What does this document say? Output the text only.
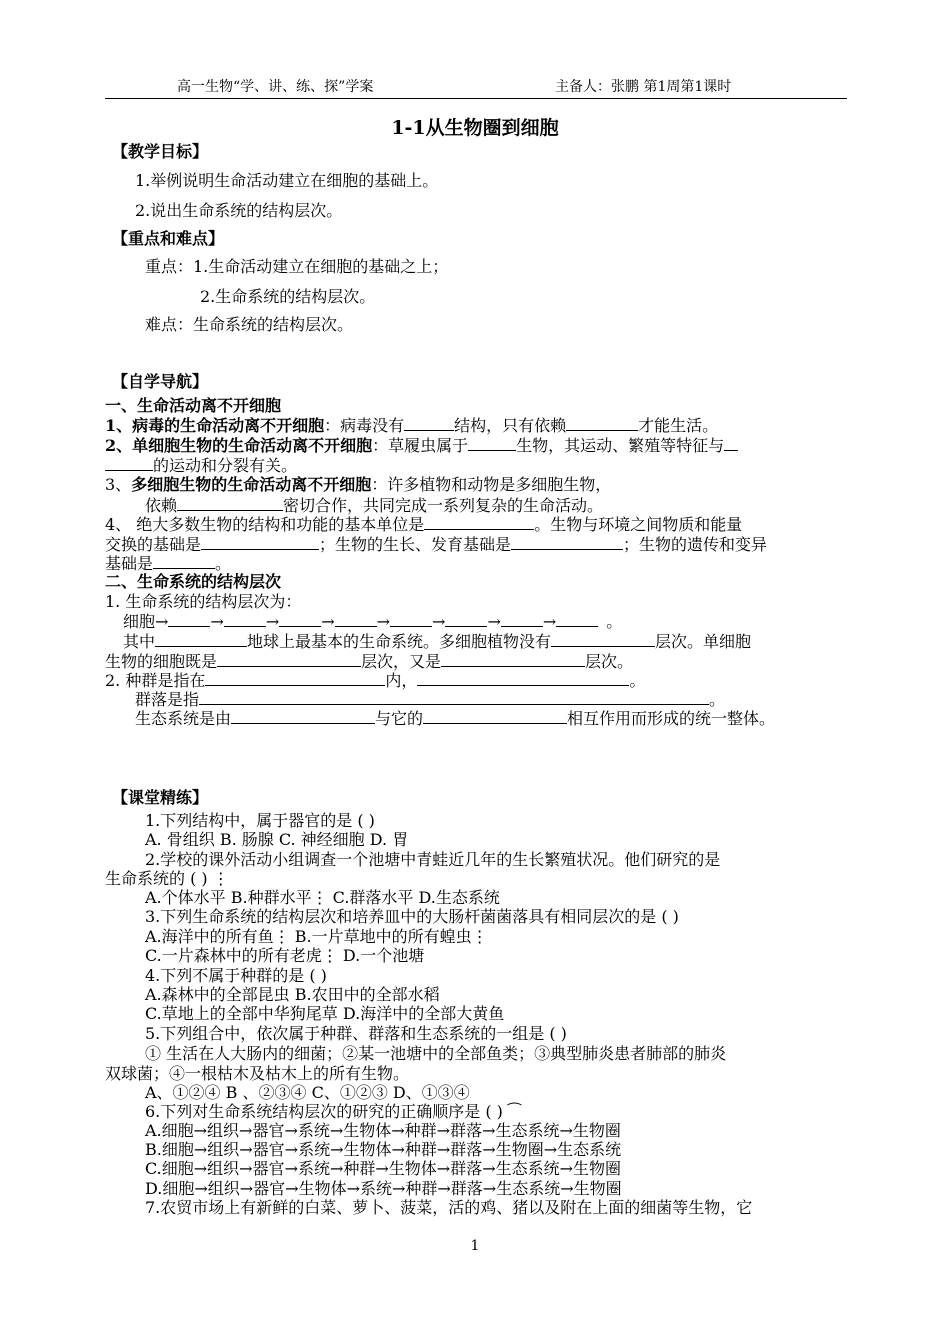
高一生物“学、讲、练、探”学案	主备人：张鹏 第1周第1课时
1-1从生物圈到细胞
【教学目标】
1.举例说明生命活动建立在细胞的基础上。
2.说出生命系统的结构层次。
【重点和难点】
重点：1.生命活动建立在细胞的基础之上；
2.生命系统的结构层次。
难点：生命系统的结构层次。
【自学导航】
一、生命活动离不开细胞
1、病毒的生命活动离不开细胞：病毒没有	结构，只有依赖	才能生活。
2、单细胞生物的生命活动离不开细胞：草履虫属于	生物，其运动、繁殖等特征与
的运动和分裂有关。
3、多细胞生物的生命活动离不开细胞：许多植物和动物是多细胞生物，
依赖	密切合作，共同完成一系列复杂的生命活动。
4、 绝大多数生物的结构和功能的基本单位是	。生物与环境之间物质和能量
交换的基础是	；生物的生长、发育基础是	；生物的遗传和变异
基础是	。
二、生命系统的结构层次
1. 生命系统的结构层次为：
细胞→	→	→	→	→	→	→	→	。
其中	地球上最基本的生命系统。多细胞植物没有	层次。单细胞
生物的细胞既是	层次，又是	层次。
2. 种群是指在	内，	。
群落是指	。
生态系统是由	与它的	相互作用而形成的统一整体。
【课堂精练】
1.下列结构中，属于器官的是 ( )
A. 骨组织 B. 肠腺 C. 神经细胞 D. 胃
2.学校的课外活动小组调查一个池塘中青蛙近几年的生长繁殖状况。他们研究的是
生命系统的 ( ) ⋮
A.个体水平 B.种群水平⋮ C.群落水平 D.生态系统
3.下列生命系统的结构层次和培养皿中的大肠杆菌菌落具有相同层次的是 ( )
A.海洋中的所有鱼⋮ B.一片草地中的所有蝗虫⋮
C.一片森林中的所有老虎⋮ D.一个池塘
4.下列不属于种群的是 ( )
A.森林中的全部昆虫 B.农田中的全部水稻
C.草地上的全部中华狗尾草 D.海洋中的全部大黄鱼
5.下列组合中，依次属于种群、群落和生态系统的一组是 ( )
① 生活在人大肠内的细菌；②某一池塘中的全部鱼类；③典型肺炎患者肺部的肺炎
双球菌；④一根枯木及枯木上的所有生物。
A、①②④ B 、②③④ C、①②③ D、①③④
6.下列对生命系统结构层次的研究的正确顺序是 ( ) ⁀
A.细胞→组织→器官→系统→生物体→种群→群落→生态系统→生物圈
B.细胞→组织→器官→系统→生物体→种群→群落→生物圈→生态系统
C.细胞→组织→器官→系统→种群→生物体→群落→生态系统→生物圈
D.细胞→组织→器官→生物体→系统→种群→群落→生态系统→生物圈
7.农贸市场上有新鲜的白菜、萝卜、菠菜，活的鸡、猪以及附在上面的细菌等生物，它
1
